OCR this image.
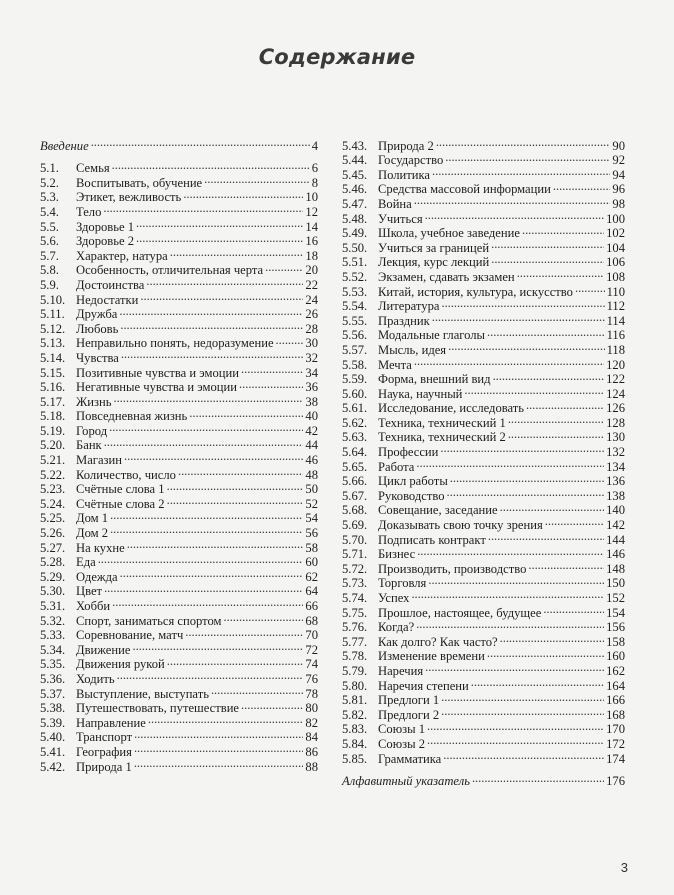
Содержание
Введение . . .	4
5.1.	Семья . . .	6
5.2.	Воспитывать, обучение . . .	8
5.3.	Этикет, вежливость . . .	10
5.4.	Тело . . .	12
5.5.	Здоровье 1 . . .	14
5.6.	Здоровье 2 . . .	16
5.7.	Характер, натура . . .	18
5.8.	Особенность, отличительная черта . . .	20
5.9.	Достоинства . . .	22
5.10. Недостатки . . .	24
5.11. Дружба . . .	26
5.12. Любовь . . .	28
5.13. Неправильно понять, недоразумение . . .	30
5.14. Чувства . . .	32
5.15. Позитивные чувства и эмоции . . .	34
5.16. Негативные чувства и эмоции . . .	36
5.17. Жизнь . . .	38
5.18. Повседневная жизнь . . .	40
5.19. Город . . .	42
5.20. Банк . . .	44
5.21. Магазин . . .	46
5.22. Количество, число . . .	48
5.23. Счётные слова 1 . . .	50
5.24. Счётные слова 2 . . .	52
5.25. Дом 1 . . .	54
5.26. Дом 2 . . .	56
5.27. На кухне . . .	58
5.28. Еда . . .	60
5.29. Одежда . . .	62
5.30. Цвет . . .	64
5.31. Хобби . . .	66
5.32. Спорт, заниматься спортом . . .	68
5.33. Соревнование, матч . . .	70
5.34. Движение . . .	72
5.35. Движения рукой . . .	74
5.36. Ходить . . .	76
5.37. Выступление, выступать . . .	78
5.38. Путешествовать, путешествие . . .	80
5.39. Направление . . .	82
5.40. Транспорт . . .	84
5.41. География . . .	86
5.42. Природа 1 . . .	88
5.43. Природа 2 . . .	90
5.44. Государство . . .	92
5.45. Политика . . .	94
5.46. Средства массовой информации . . .	96
5.47. Война . . .	98
5.48. Учиться . . .	100
5.49. Школа, учебное заведение . . .	102
5.50. Учиться за границей . . .	104
5.51. Лекция, курс лекций . . .	106
5.52. Экзамен, сдавать экзамен . . .	108
5.53. Китай, история, культура, искусство . . .	110
5.54. Литература . . .	112
5.55. Праздник . . .	114
5.56. Модальные глаголы . . .	116
5.57. Мысль, идея . . .	118
5.58. Мечта . . .	120
5.59. Форма, внешний вид . . .	122
5.60. Наука, научный . . .	124
5.61. Исследование, исследовать . . .	126
5.62. Техника, технический 1 . . .	128
5.63. Техника, технический 2 . . .	130
5.64. Професcии . . .	132
5.65. Работа . . .	134
5.66. Цикл работы . . .	136
5.67. Руководство . . .	138
5.68. Совещание, заседание . . .	140
5.69. Доказывать свою точку зрения . . .	142
5.70. Подписать контракт . . .	144
5.71. Бизнес . . .	146
5.72. Производить, производство . . .	148
5.73. Торговля . . .	150
5.74. Успех . . .	152
5.75. Прошлое, настоящее, будущее . . .	154
5.76. Когда? . . .	156
5.77. Как долго? Как часто? . . .	158
5.78. Изменение времени . . .	160
5.79. Наречия . . .	162
5.80. Наречия степени . . .	164
5.81. Предлоги 1 . . .	166
5.82. Предлоги 2 . . .	168
5.83. Союзы 1 . . .	170
5.84. Союзы 2 . . .	172
5.85. Грамматика . . .	174
Алфавитный указатель . . .	176
3
